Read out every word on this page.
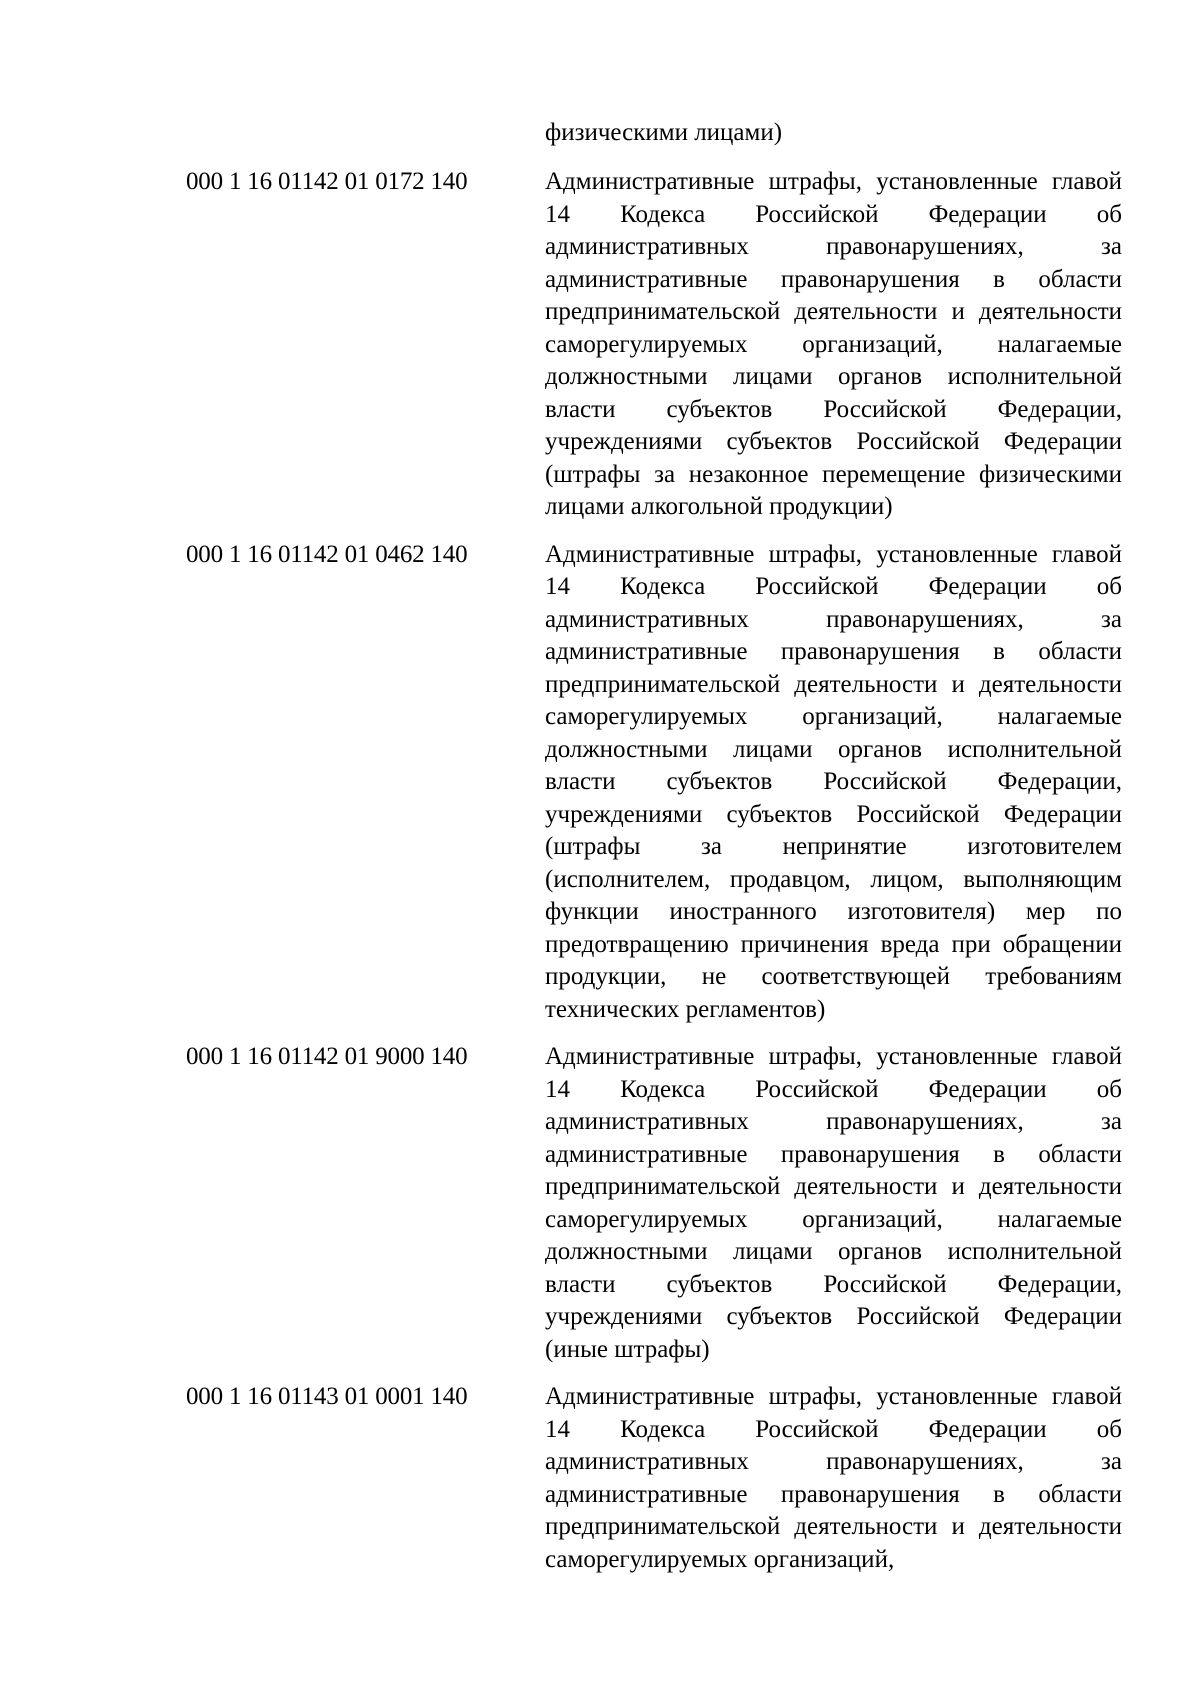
физическими лицами)
000 1 16 01142 01 0172 140	Административные штрафы, установленные главой 14 Кодекса Российской Федерации об административных правонарушениях, за административные правонарушения в области предпринимательской деятельности и деятельности саморегулируемых организаций, налагаемые должностными лицами органов исполнительной власти субъектов Российской Федерации, учреждениями субъектов Российской Федерации (штрафы за незаконное перемещение физическими лицами алкогольной продукции)
000 1 16 01142 01 0462 140	Административные штрафы, установленные главой 14 Кодекса Российской Федерации об административных правонарушениях, за административные правонарушения в области предпринимательской деятельности и деятельности саморегулируемых организаций, налагаемые должностными лицами органов исполнительной власти субъектов Российской Федерации, учреждениями субъектов Российской Федерации (штрафы за непринятие изготовителем (исполнителем, продавцом, лицом, выполняющим функции иностранного изготовителя) мер по предотвращению причинения вреда при обращении продукции, не соответствующей требованиям технических регламентов)
000 1 16 01142 01 9000 140	Административные штрафы, установленные главой 14 Кодекса Российской Федерации об административных правонарушениях, за административные правонарушения в области предпринимательской деятельности и деятельности саморегулируемых организаций, налагаемые должностными лицами органов исполнительной власти субъектов Российской Федерации, учреждениями субъектов Российской Федерации (иные штрафы)
000 1 16 01143 01 0001 140	Административные штрафы, установленные главой 14 Кодекса Российской Федерации об административных правонарушениях, за административные правонарушения в области предпринимательской деятельности и деятельности саморегулируемых организаций,
